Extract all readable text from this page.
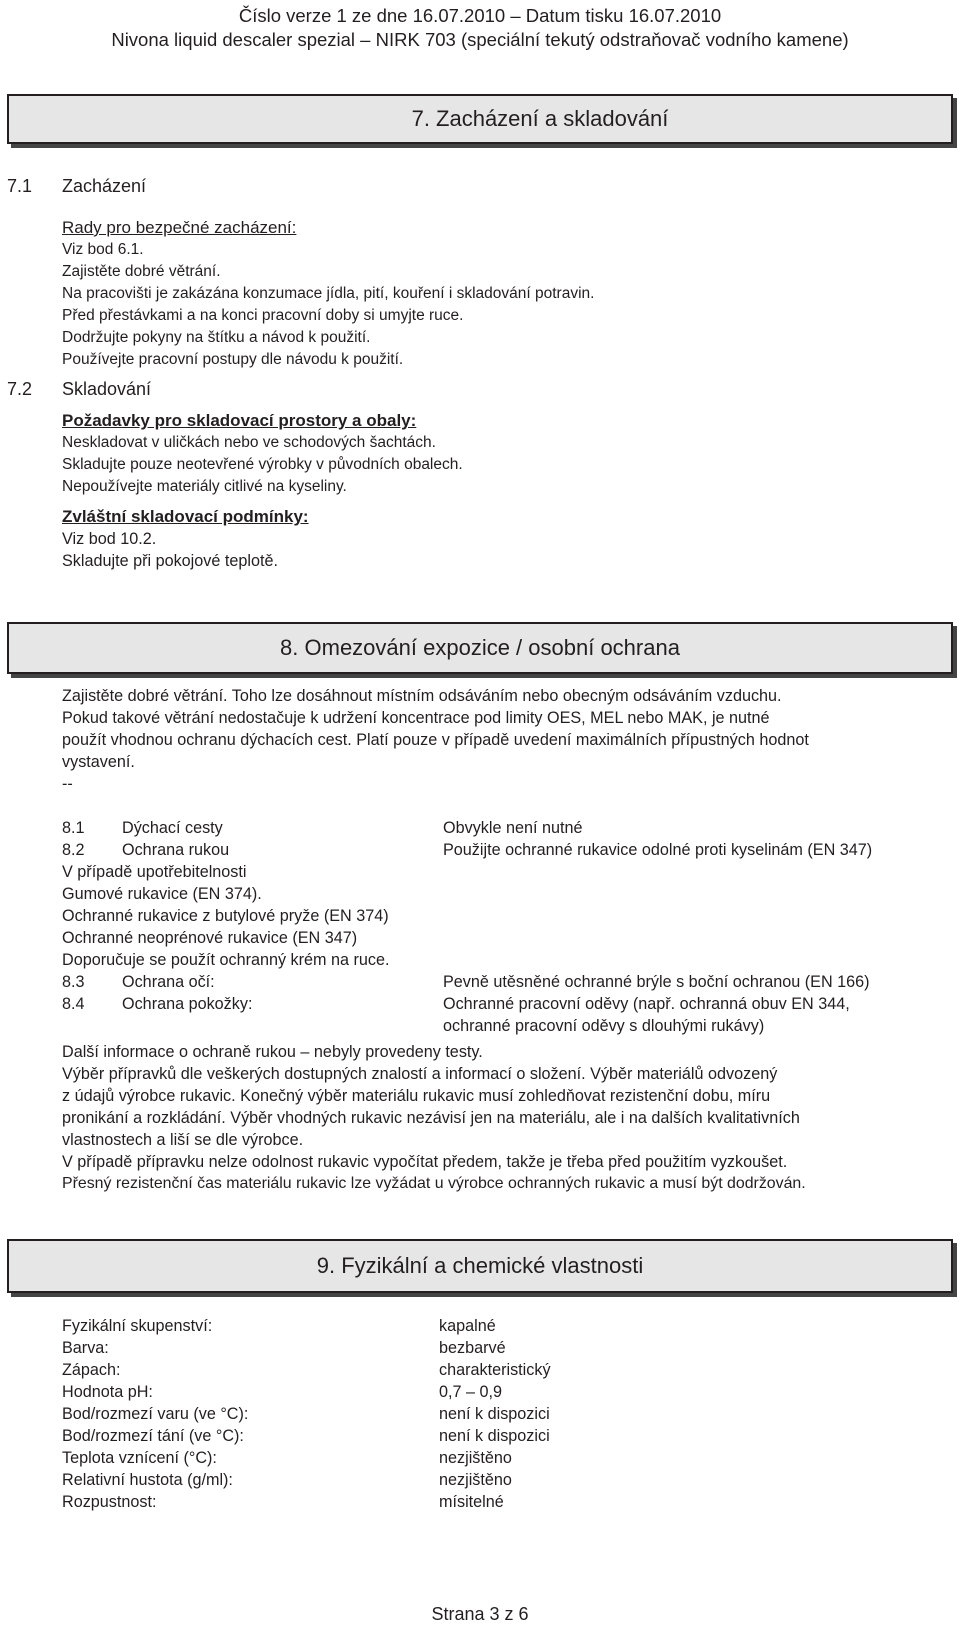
Číslo verze 1 ze dne 16.07.2010 – Datum tisku 16.07.2010
Nivona liquid descaler spezial – NIRK 703 (speciální tekutý odstraňovač vodního kamene)
7. Zacházení a skladování
7.1 Zacházení
Rady pro bezpečné zacházení:
Viz bod 6.1.
Zajistěte dobré větrání.
Na pracovišti je zakázána konzumace jídla, pití, kouření i skladování potravin.
Před přestávkami a na konci pracovní doby si umyjte ruce.
Dodržujte pokyny na štítku a návod k použití.
Používejte pracovní postupy dle návodu k použití.
7.2 Skladování
Požadavky pro skladovací prostory a obaly:
Neskladovat v uličkách nebo ve schodových šachtách.
Skladujte pouze neotevřené výrobky v původních obalech.
Nepoužívejte materiály citlivé na kyseliny.
Zvláštní skladovací podmínky:
Viz bod 10.2.
Skladujte při pokojové teplotě.
8. Omezování expozice / osobní ochrana
Zajistěte dobré větrání. Toho lze dosáhnout místním odsáváním nebo obecným odsáváním vzduchu.
Pokud takové větrání nedostačuje k udržení koncentrace pod limity OES, MEL nebo MAK, je nutné
použít vhodnou ochranu dýchacích cest. Platí pouze v případě uvedení maximálních přípustných hodnot
vystavení.
--
8.1 Dýchací cesty	Obvykle není nutné
8.2 Ochrana rukou	Použijte ochranné rukavice odolné proti kyselinám (EN 347)
V případě upotřebitelnosti
Gumové rukavice (EN 374).
Ochranné rukavice z butylové pryže (EN 374)
Ochranné neoprénové rukavice (EN 347)
Doporučuje se použít ochranný krém na ruce.
8.3 Ochrana očí:	Pevně utěsněné ochranné brýle s boční ochranou (EN 166)
8.4 Ochrana pokožky:	Ochranné pracovní oděvy (např. ochranná obuv EN 344,
ochranné pracovní oděvy s dlouhými rukávy)
Další informace o ochraně rukou – nebyly provedeny testy.
Výběr přípravků dle veškerých dostupných znalostí a informací o složení. Výběr materiálů odvozený
z údajů výrobce rukavic. Konečný výběr materiálu rukavic musí zohledňovat rezistenční dobu, míru
pronikání a rozkládání. Výběr vhodných rukavic nezávisí jen na materiálu, ale i na dalších kvalitativních
vlastnostech a liší se dle výrobce.
V případě přípravku nelze odolnost rukavic vypočítat předem, takže je třeba před použitím vyzkoušet.
Přesný rezistenční čas materiálu rukavic lze vyžádat u výrobce ochranných rukavic a musí být dodržován.
9. Fyzikální a chemické vlastnosti
Fyzikální skupenství:	kapalné
Barva:	bezbarvé
Zápach:	charakteristický
Hodnota pH:	0,7 – 0,9
Bod/rozmezí varu (ve °C):	není k dispozici
Bod/rozmezí tání (ve °C):	není k dispozici
Teplota vznícení (°C):	nezjištěno
Relativní hustota (g/ml):	nezjištěno
Rozpustnost:	mísitelné
Strana 3 z 6
